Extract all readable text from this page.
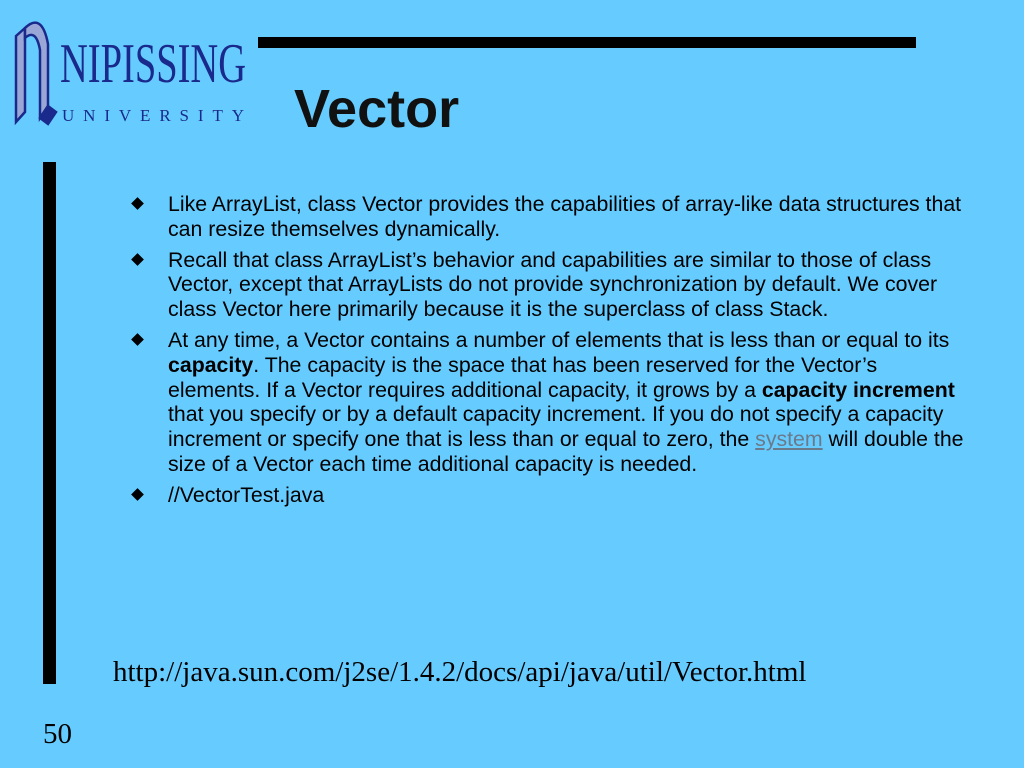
NIPISSING
UNIVERSITY Vector
Like ArrayList, class Vector provides the capabilities of array-like data structures that can resize themselves dynamically.
Recall that class ArrayList’s behavior and capabilities are similar to those of class Vector, except that ArrayLists do not provide synchronization by default. We cover class Vector here primarily because it is the superclass of class Stack.
At any time, a Vector contains a number of elements that is less than or equal to its capacity. The capacity is the space that has been reserved for the Vector’s elements. If a Vector requires additional capacity, it grows by a capacity increment that you specify or by a default capacity increment. If you do not specify a capacity increment or specify one that is less than or equal to zero, the system will double the size of a Vector each time additional capacity is needed.
//VectorTest.java

http://java.sun.com/j2se/1.4.2/docs/api/java/util/Vector.html

50
